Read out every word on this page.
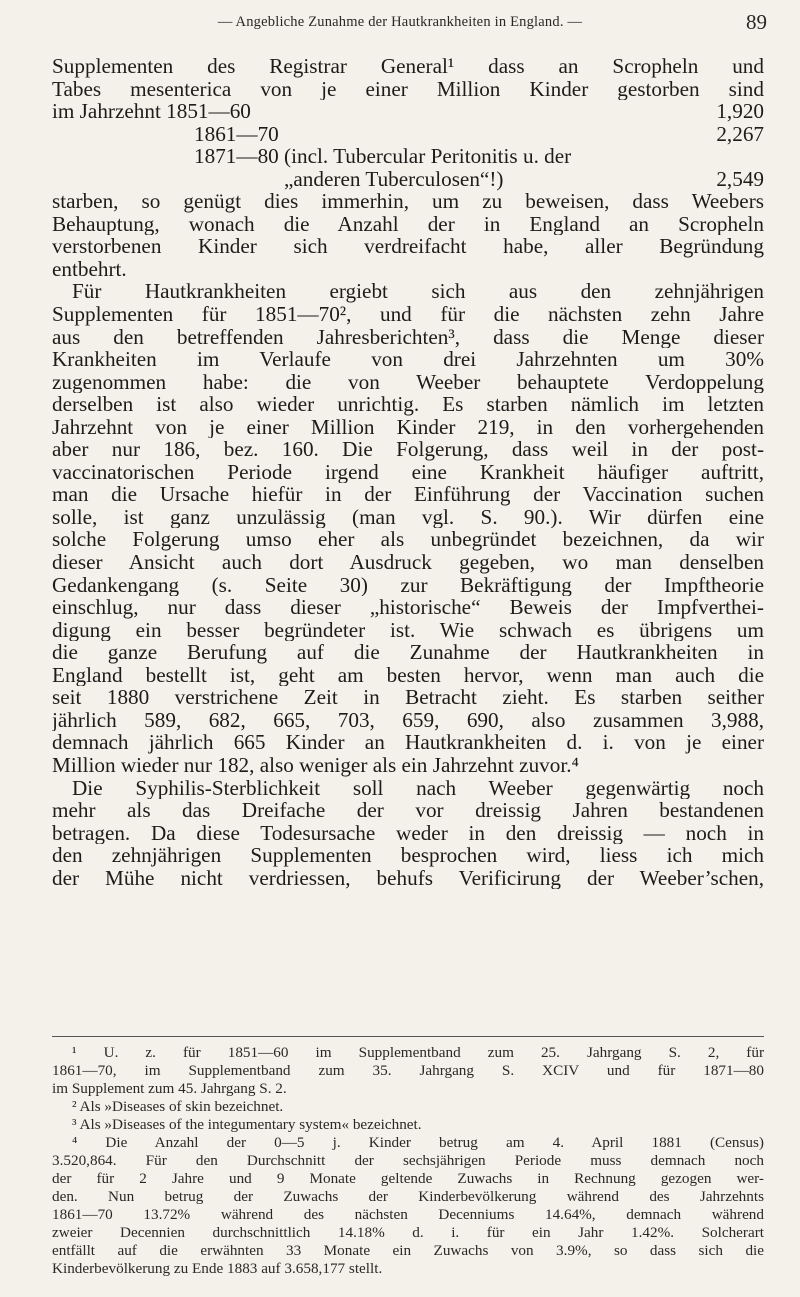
— Angebliche Zunahme der Hautkrankheiten in England. —	89
Supplementen des Registrar General¹ dass an Scropheln und
Tabes mesenterica von je einer Million Kinder gestorben sind
im Jahrzehnt 1851—60	1,920
1861—70	2,267
1871—80 (incl. Tubercular Peritonitis u. der
„anderen Tuberculosen“!)	2,549
starben, so genügt dies immerhin, um zu beweisen, dass Weebers
Behauptung, wonach die Anzahl der in England an Scropheln
verstorbenen Kinder sich verdreifacht habe, aller Begründung
entbehrt.
Für Hautkrankheiten ergiebt sich aus den zehnjährigen
Supplementen für 1851—70², und für die nächsten zehn Jahre
aus den betreffenden Jahresberichten³, dass die Menge dieser
Krankheiten im Verlaufe von drei Jahrzehnten um 30%
zugenommen habe: die von Weeber behauptete Verdoppelung
derselben ist also wieder unrichtig. Es starben nämlich im letzten
Jahrzehnt von je einer Million Kinder 219, in den vorhergehenden
aber nur 186, bez. 160. Die Folgerung, dass weil in der post-
vaccinatorischen Periode irgend eine Krankheit häufiger auftritt,
man die Ursache hiefür in der Einführung der Vaccination suchen
solle, ist ganz unzulässig (man vgl. S. 90.). Wir dürfen eine
solche Folgerung umso eher als unbegründet bezeichnen, da wir
dieser Ansicht auch dort Ausdruck gegeben, wo man denselben
Gedankengang (s. Seite 30) zur Bekräftigung der Impftheorie
einschlug, nur dass dieser „historische“ Beweis der Impfverthei-
digung ein besser begründeter ist. Wie schwach es übrigens um
die ganze Berufung auf die Zunahme der Hautkrankheiten in
England bestellt ist, geht am besten hervor, wenn man auch die
seit 1880 verstrichene Zeit in Betracht zieht. Es starben seither
jährlich 589, 682, 665, 703, 659, 690, also zusammen 3,988,
demnach jährlich 665 Kinder an Hautkrankheiten d. i. von je einer
Million wieder nur 182, also weniger als ein Jahrzehnt zuvor.⁴
Die Syphilis-Sterblichkeit soll nach Weeber gegenwärtig noch
mehr als das Dreifache der vor dreissig Jahren bestandenen
betragen. Da diese Todesursache weder in den dreissig — noch in
den zehnjährigen Supplementen besprochen wird, liess ich mich
der Mühe nicht verdriessen, behufs Verificirung der Weeber’schen,
¹ U. z. für 1851—60 im Supplementband zum 25. Jahrgang S. 2, für
1861—70, im Supplementband zum 35. Jahrgang S. XCIV und für 1871—80
im Supplement zum 45. Jahrgang S. 2.
² Als »Diseases of skin bezeichnet.
³ Als »Diseases of the integumentary system« bezeichnet.
⁴ Die Anzahl der 0—5 j. Kinder betrug am 4. April 1881 (Census)
3.520,864. Für den Durchschnitt der sechsjährigen Periode muss demnach noch
der für 2 Jahre und 9 Monate geltende Zuwachs in Rechnung gezogen wer-
den. Nun betrug der Zuwachs der Kinderbevölkerung während des Jahrzehnts
1861—70 13.72% während des nächsten Decenniums 14.64%, demnach während
zweier Decennien durchschnittlich 14.18% d. i. für ein Jahr 1.42%. Solcherart
entfällt auf die erwähnten 33 Monate ein Zuwachs von 3.9%, so dass sich die
Kinderbevölkerung zu Ende 1883 auf 3.658,177 stellt.
